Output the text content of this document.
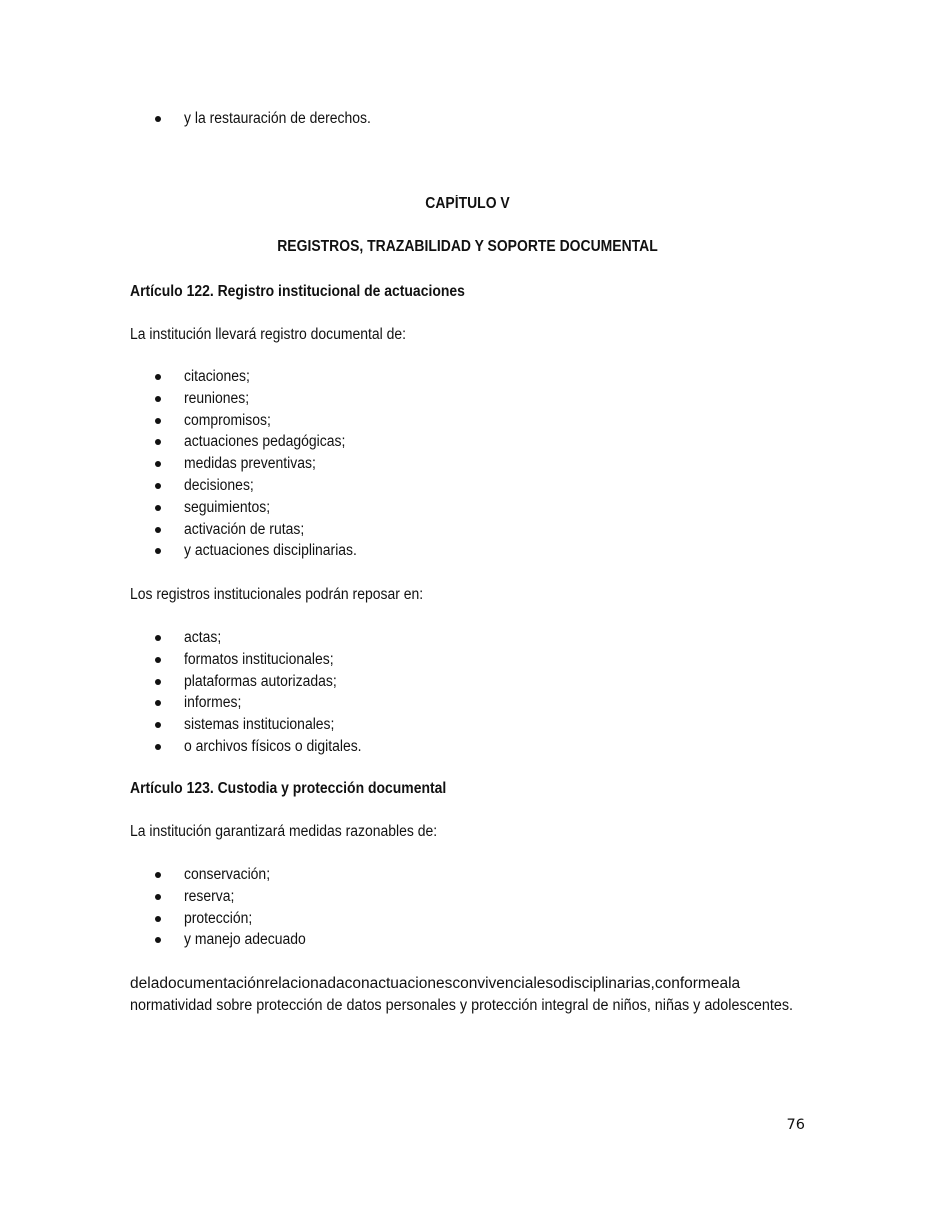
y la restauración de derechos.
CAPÍTULO V
REGISTROS, TRAZABILIDAD Y SOPORTE DOCUMENTAL
Artículo 122. Registro institucional de actuaciones
La institución llevará registro documental de:
citaciones;
reuniones;
compromisos;
actuaciones pedagógicas;
medidas preventivas;
decisiones;
seguimientos;
activación de rutas;
y actuaciones disciplinarias.
Los registros institucionales podrán reposar en:
actas;
formatos institucionales;
plataformas autorizadas;
informes;
sistemas institucionales;
o archivos físicos o digitales.
Artículo 123. Custodia y protección documental
La institución garantizará medidas razonables de:
conservación;
reserva;
protección;
y manejo adecuado
deladocumentaciónrelacionadaconactuacionesconvivencialesodisciplinarias,conformeala
normatividad sobre protección de datos personales y protección integral de niños, niñas y adolescentes.
76
